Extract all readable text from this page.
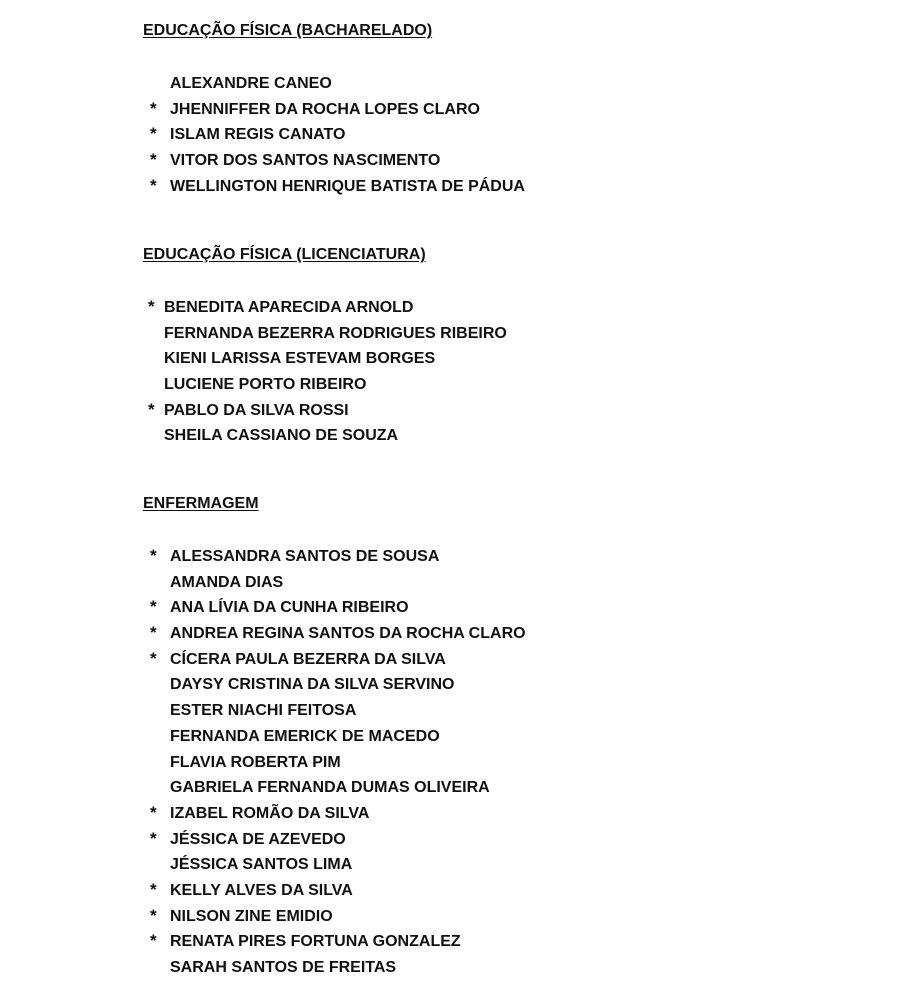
EDUCAÇÃO FÍSICA (BACHARELADO)
ALEXANDRE CANEO
* JHENNIFFER DA ROCHA LOPES CLARO
* ISLAM REGIS CANATO
* VITOR DOS SANTOS NASCIMENTO
* WELLINGTON HENRIQUE BATISTA DE PÁDUA
EDUCAÇÃO FÍSICA (LICENCIATURA)
* BENEDITA APARECIDA ARNOLD
FERNANDA BEZERRA RODRIGUES RIBEIRO
KIENI LARISSA ESTEVAM BORGES
LUCIENE PORTO RIBEIRO
* PABLO DA SILVA ROSSI
SHEILA CASSIANO DE SOUZA
ENFERMAGEM
* ALESSANDRA SANTOS DE SOUSA
AMANDA DIAS
* ANA LÍVIA DA CUNHA RIBEIRO
* ANDREA REGINA SANTOS DA ROCHA CLARO
* CÍCERA PAULA BEZERRA DA SILVA
DAYSY CRISTINA DA SILVA SERVINO
ESTER NIACHI FEITOSA
FERNANDA EMERICK DE MACEDO
FLAVIA ROBERTA PIM
GABRIELA FERNANDA DUMAS OLIVEIRA
* IZABEL ROMÃO DA SILVA
* JÉSSICA DE AZEVEDO
JÉSSICA SANTOS LIMA
* KELLY ALVES DA SILVA
* NILSON ZINE EMIDIO
* RENATA PIRES FORTUNA GONZALEZ
SARAH SANTOS DE FREITAS
